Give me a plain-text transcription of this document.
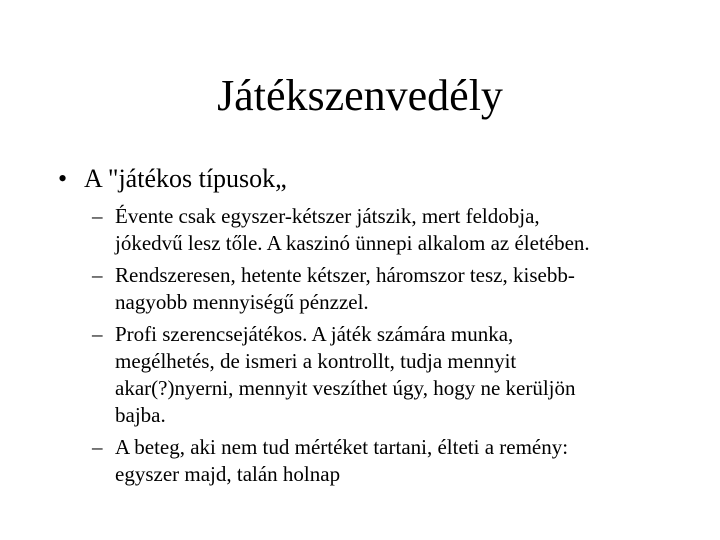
Játékszenvedély
• A "játékos típusok„
– Évente csak egyszer-kétszer játszik, mert feldobja,
jókedvű lesz tőle. A kaszinó ünnepi alkalom az életében.
– Rendszeresen, hetente kétszer, háromszor tesz, kisebb-
nagyobb mennyiségű pénzzel.
– Profi szerencsejátékos. A játék számára munka,
megélhetés, de ismeri a kontrollt, tudja mennyit
akar(?)nyerni, mennyit veszíthet úgy, hogy ne kerüljön
bajba.
– A beteg, aki nem tud mértéket tartani, élteti a remény:
egyszer majd, talán holnap
